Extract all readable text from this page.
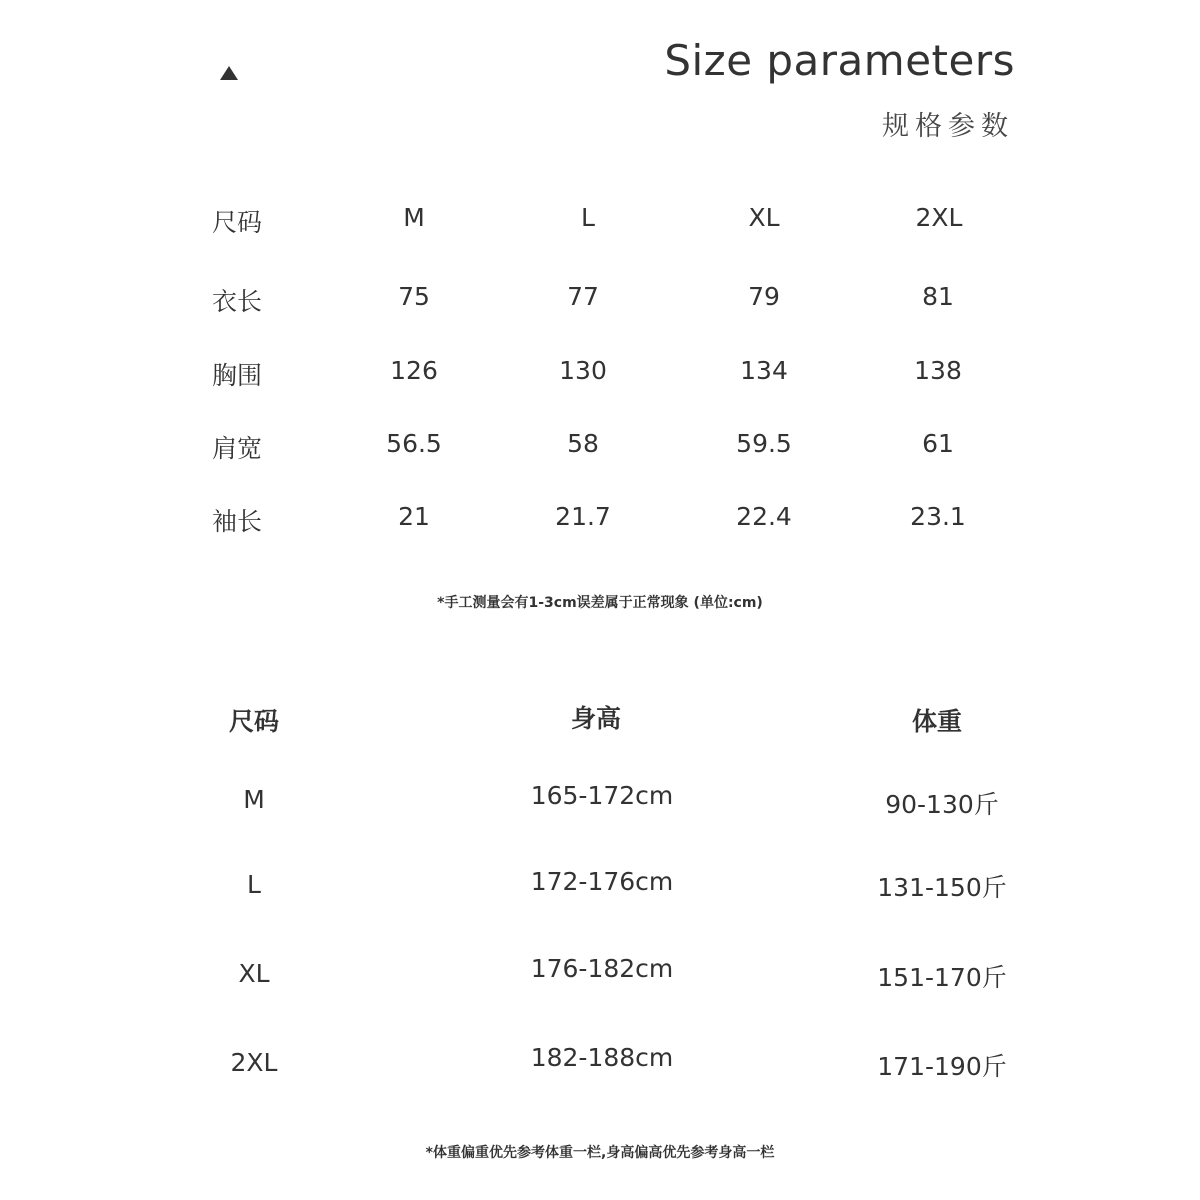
Size parameters
规格参数
尺码	M	L	XL	2XL
衣长	75	77	79	81
胸围	126	130	134	138
肩宽	56.5	58	59.5	61
袖长	21	21.7	22.4	23.1
*手工测量会有1-3cm误差属于正常现象 (单位:cm)
尺码	身高	体重
M	165-172cm	90-130斤
L	172-176cm	131-150斤
XL	176-182cm	151-170斤
2XL	182-188cm	171-190斤
*体重偏重优先参考体重一栏,身高偏高优先参考身高一栏
